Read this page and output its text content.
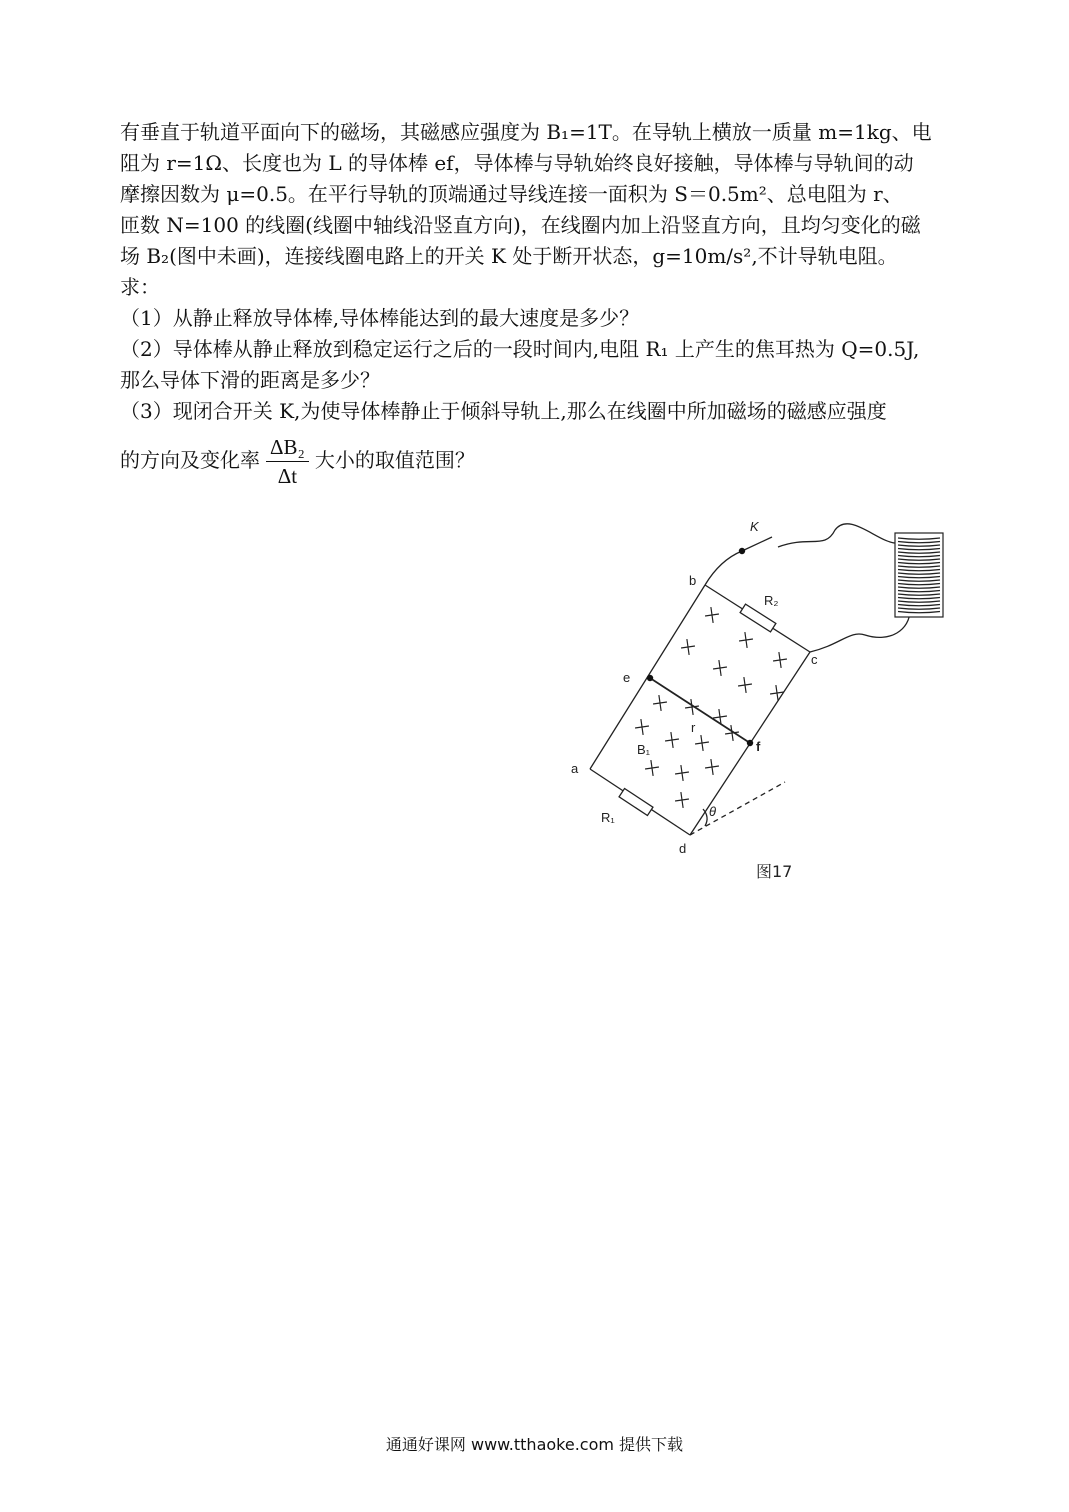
有垂直于轨道平面向下的磁场，其磁感应强度为 B₁=1T。在导轨上横放一质量 m=1kg、电
阻为 r=1Ω、长度也为 L 的导体棒 ef，导体棒与导轨始终良好接触，导体棒与导轨间的动
摩擦因数为 μ=0.5。在平行导轨的顶端通过导线连接一面积为 S＝0.5m²、总电阻为 r、
匝数 N=100 的线圈(线圈中轴线沿竖直方向)，在线圈内加上沿竖直方向，且均匀变化的磁
场 B₂(图中未画)，连接线圈电路上的开关 K 处于断开状态，g=10m/s²,不计导轨电阻。
求：
（1）从静止释放导体棒,导体棒能达到的最大速度是多少？
（2）导体棒从静止释放到稳定运行之后的一段时间内,电阻 R₁ 上产生的焦耳热为 Q=0.5J,
那么导体下滑的距离是多少？
（3）现闭合开关 K,为使导体棒静止于倾斜导轨上,那么在线圈中所加磁场的磁感应强度
的方向及变化率 $\frac{\text{ΔB₂}}{\Delta t}$ 大小的取值范围？
K
b
R₂
c
e
r
f
B₁
a
R₁
d
θ
图17
通通好课网 www.tthaoke.com 提供下载
